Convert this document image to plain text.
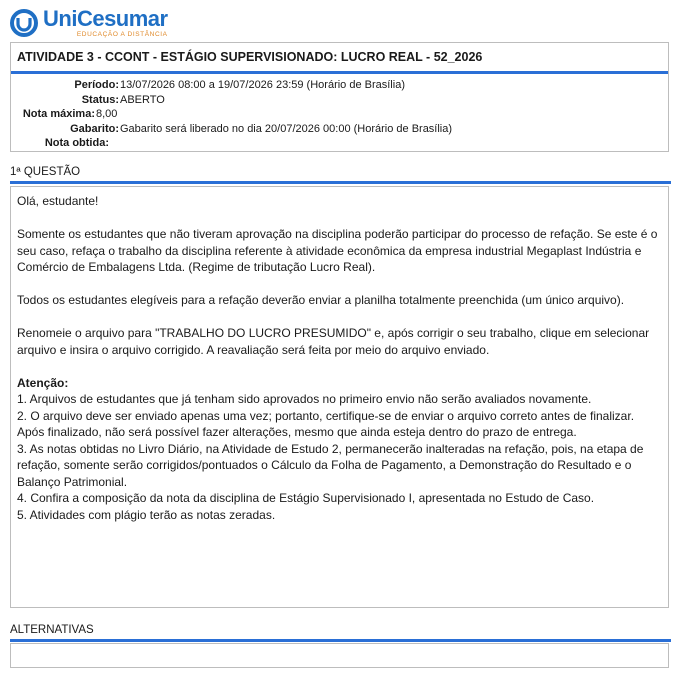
UniCesumar
EDUCAÇÃO A DISTÂNCIA
ATIVIDADE 3 - CCONT - ESTÁGIO SUPERVISIONADO: LUCRO REAL - 52_2026
Período: 13/07/2026 08:00 a 19/07/2026 23:59 (Horário de Brasília)
Status: ABERTO
Nota máxima: 8,00
Gabarito: Gabarito será liberado no dia 20/07/2026 00:00 (Horário de Brasília)
Nota obtida:
1ª QUESTÃO

Olá, estudante!

Somente os estudantes que não tiveram aprovação na disciplina poderão participar do processo de refação. Se este é o seu caso, refaça o trabalho da disciplina referente à atividade econômica da empresa industrial Megaplast Indústria e Comércio de Embalagens Ltda. (Regime de tributação Lucro Real).

Todos os estudantes elegíveis para a refação deverão enviar a planilha totalmente preenchida (um único arquivo).

Renomeie o arquivo para "TRABALHO DO LUCRO PRESUMIDO" e, após corrigir o seu trabalho, clique em selecionar arquivo e insira o arquivo corrigido. A reavaliação será feita por meio do arquivo enviado.

Atenção:

1. Arquivos de estudantes que já tenham sido aprovados no primeiro envio não serão avaliados novamente.

2. O arquivo deve ser enviado apenas uma vez; portanto, certifique-se de enviar o arquivo correto antes de finalizar. Após finalizado, não será possível fazer alterações, mesmo que ainda esteja dentro do prazo de entrega.

3. As notas obtidas no Livro Diário, na Atividade de Estudo 2, permanecerão inalteradas na refação, pois, na etapa de refação, somente serão corrigidos/pontuados o Cálculo da Folha de Pagamento, a Demonstração do Resultado e o Balanço Patrimonial.

4. Confira a composição da nota da disciplina de Estágio Supervisionado I, apresentada no Estudo de Caso.

5. Atividades com plágio terão as notas zeradas.

ALTERNATIVAS
